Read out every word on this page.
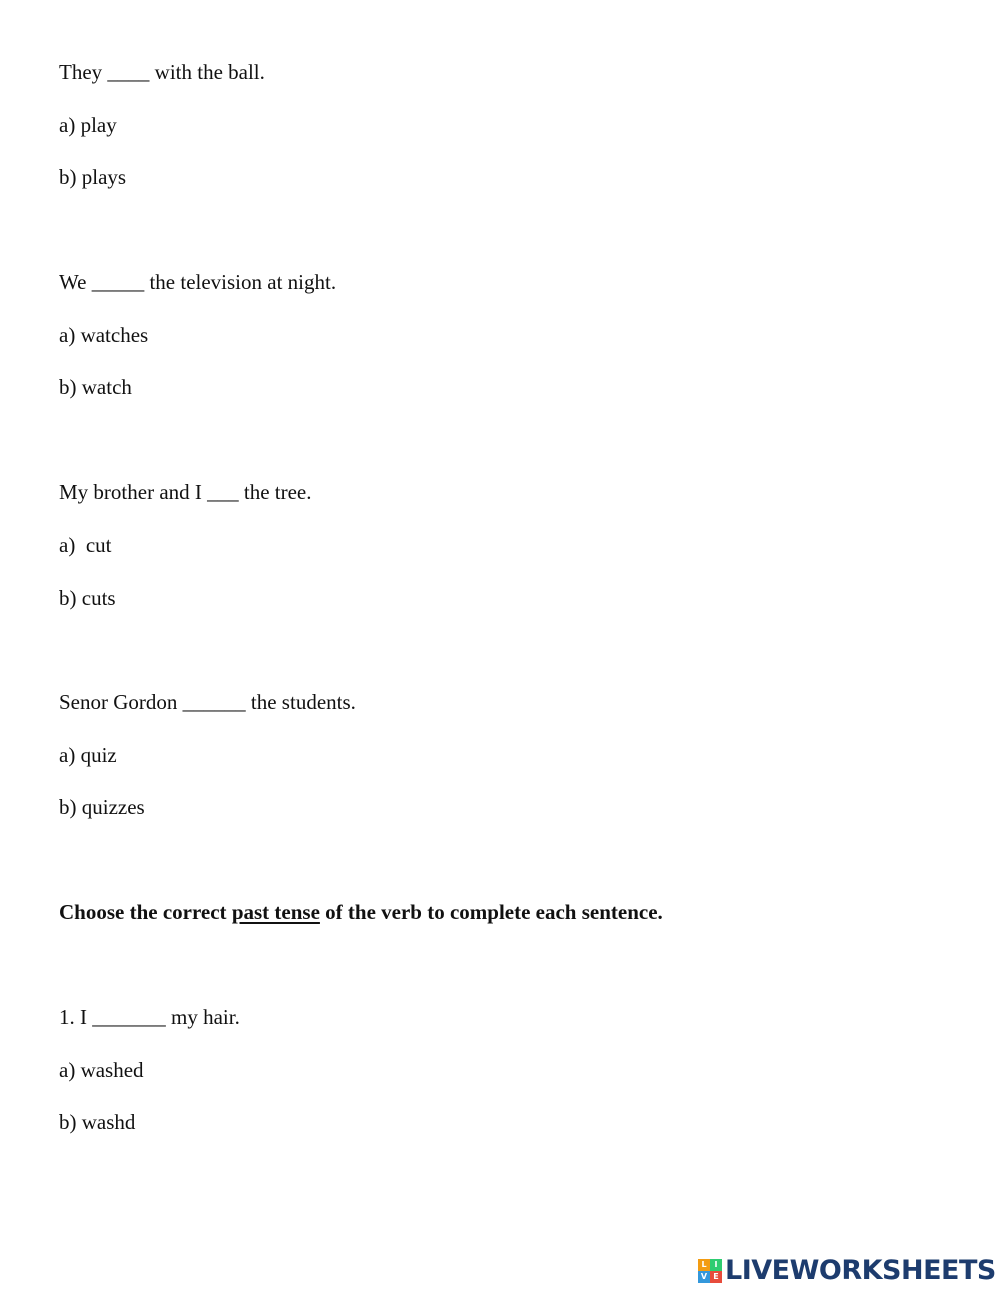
They ____ with the ball.
a) play
b) plays
We _____ the television at night.
a) watches
b) watch
My brother and I ___ the tree.
a)  cut
b) cuts
Senor Gordon ______ the students.
a) quiz
b) quizzes
Choose the correct past tense of the verb to complete each sentence.
1. I _______ my hair.
a) washed
b) washd
L I
V E LIVEWORKSHEETS
